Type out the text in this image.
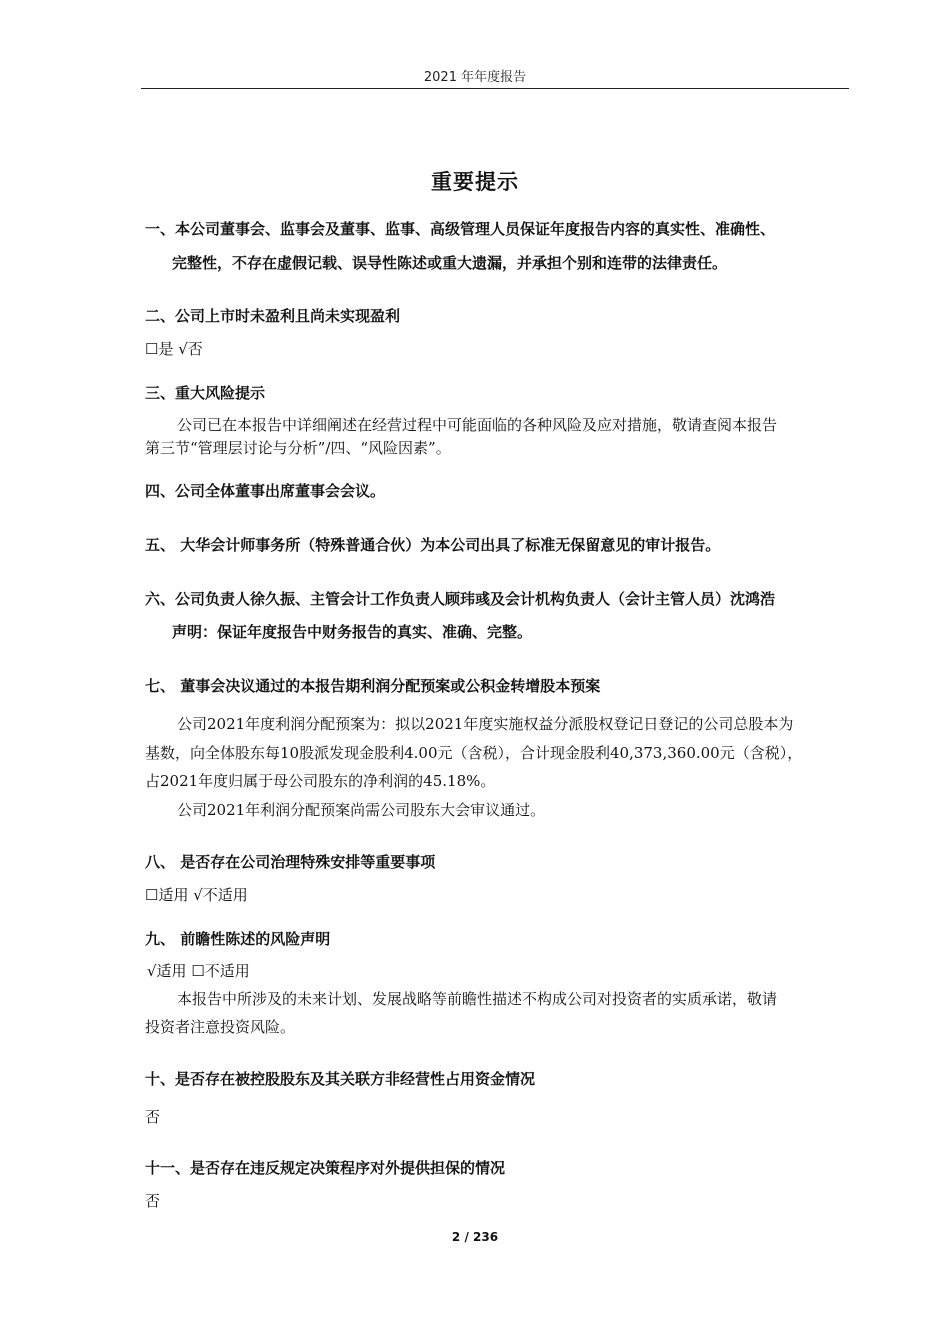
2021 年年度报告
重要提示
一、本公司董事会、监事会及董事、监事、高级管理人员保证年度报告内容的真实性、准确性、
完整性，不存在虚假记载、误导性陈述或重大遗漏，并承担个别和连带的法律责任。
二、公司上市时未盈利且尚未实现盈利
☐是 √否
三、重大风险提示
公司已在本报告中详细阐述在经营过程中可能面临的各种风险及应对措施，敬请查阅本报告
第三节“管理层讨论与分析”/四、“风险因素”。
四、公司全体董事出席董事会会议。
五、 大华会计师事务所（特殊普通合伙）为本公司出具了标准无保留意见的审计报告。
六、公司负责人徐久振、主管会计工作负责人顾玮彧及会计机构负责人（会计主管人员）沈鸿浩
声明：保证年度报告中财务报告的真实、准确、完整。
七、 董事会决议通过的本报告期利润分配预案或公积金转增股本预案
公司2021年度利润分配预案为：拟以2021年度实施权益分派股权登记日登记的公司总股本为
基数，向全体股东每10股派发现金股利4.00元（含税），合计现金股利40,373,360.00元（含税），
占2021年度归属于母公司股东的净利润的45.18%。
公司2021年利润分配预案尚需公司股东大会审议通过。
八、 是否存在公司治理特殊安排等重要事项
☐适用 √不适用
九、 前瞻性陈述的风险声明
√适用 ☐不适用
本报告中所涉及的未来计划、发展战略等前瞻性描述不构成公司对投资者的实质承诺，敬请
投资者注意投资风险。
十、是否存在被控股股东及其关联方非经营性占用资金情况
否
十一、是否存在违反规定决策程序对外提供担保的情况
否
2 / 236
